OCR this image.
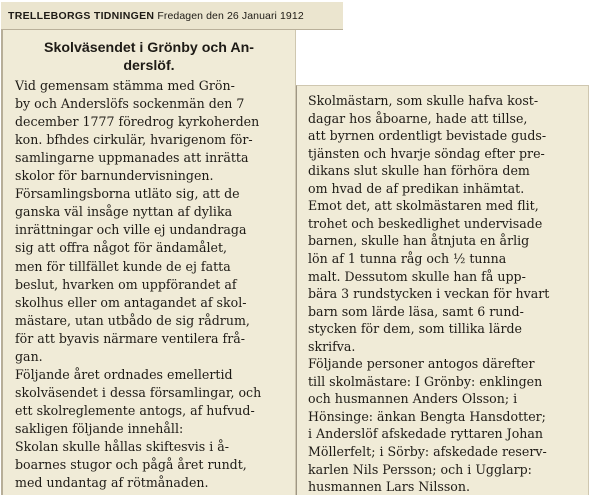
TRELLEBORGS TIDNINGEN Fredagen den 26 Januari 1912
Skolväsendet i Grönby och An-
derslöf.

Vid gemensam stämma med Grön-

by och Anderslöfs sockenmän den 7

december 1777 föredrog kyrkoherden

kon. bfhdes cirkulär, hvarigenom för-

samlingarne uppmanades att inrätta

skolor för barnundervisningen.

Församlingsborna utläto sig, att de

ganska väl insåge nyttan af dylika

inrättningar och ville ej undandraga

sig att offra något för ändamålet,

men för tillfället kunde de ej fatta

beslut, hvarken om uppförandet af

skolhus eller om antagandet af skol-

mästare, utan utbådo de sig rådrum,

för att byavis närmare ventilera frå-

gan.

Följande året ordnades emellertid

skolväsendet i dessa församlingar, och

ett skolreglemente antogs, af hufvud-

sakligen följande innehåll:

Skolan skulle hållas skiftesvis i å-

boarnes stugor och pågå året rundt,

med undantag af rötmånaden.

Skolmästarn, som skulle hafva kost-

dagar hos åboarne, hade att tillse,

att byrnen ordentligt bevistade guds-

tjänsten och hvarje söndag efter pre-

dikans slut skulle han förhöra dem

om hvad de af predikan inhämtat.

Emot det, att skolmästaren med flit,

trohet och beskedlighet undervisade

barnen, skulle han åtnjuta en årlig

lön af 1 tunna råg och ½ tunna

malt. Dessutom skulle han få upp-

bära 3 rundstycken i veckan för hvart

barn som lärde läsa, samt 6 rund-

stycken för dem, som tillika lärde

skrifva.

Följande personer antogos därefter

till skolmästare: I Grönby: enklingen

och husmannen Anders Olsson; i

Hönsinge: änkan Bengta Hansdotter;

i Anderslöf afskedade ryttaren Johan

Möllerfelt; i Sörby: afskedade reserv-

karlen Nils Persson; och i Ugglarp:

husmannen Lars Nilsson.
